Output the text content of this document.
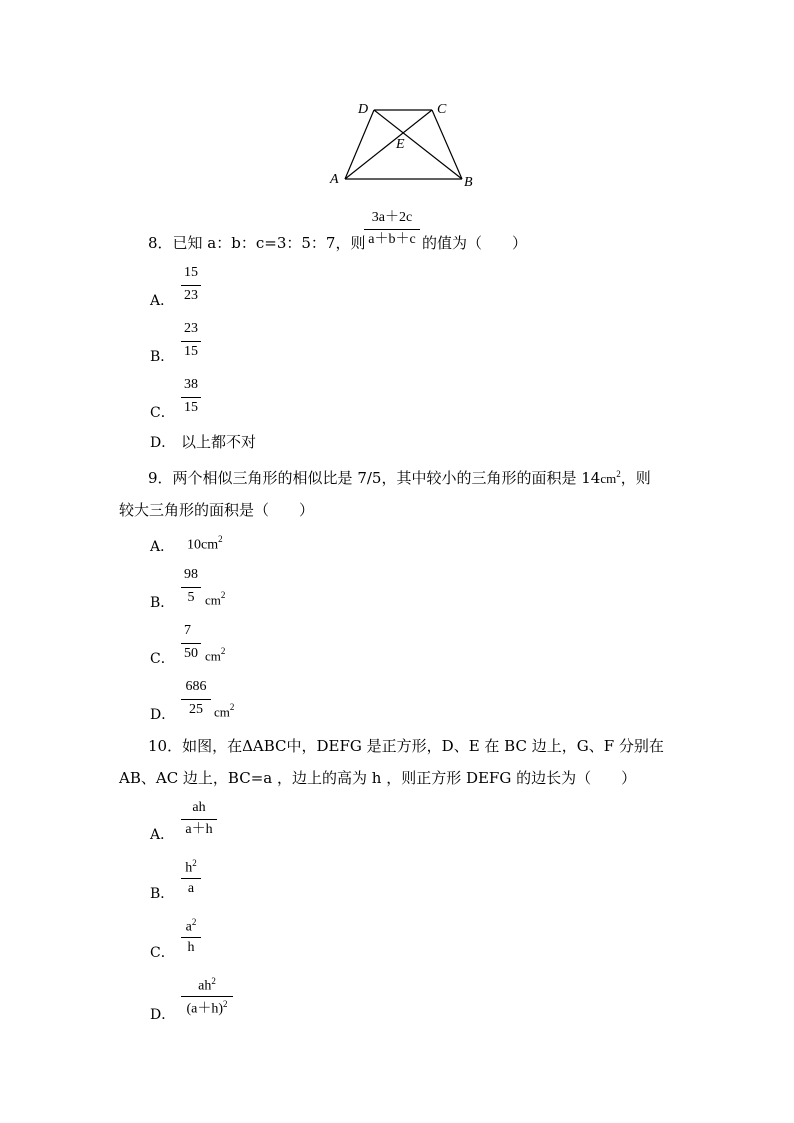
D	C
E
A	B
8．已知 a：b：c=3：5：7，则
3a＋2c
a＋b＋c 的值为（　　）
A．
15
23
B．
23
15
C．
38
15
D． 以上都不对
9．两个相似三角形的相似比是 7/5，其中较小的三角形的面积是 $14cm^2$，则
较大三角形的面积是（　　）
A． $10cm^2$
B．
98
5 $cm^2$
C．
7
50 $cm^2$
D．
686
25 $cm^2$
10．如图，在ΔABC中，DEFG 是正方形，D、E 在 BC 边上，G、F 分别在
AB、AC 边上，BC=a ，边上的高为 h ，则正方形 DEFG 的边长为（　　）
A．
ah
a＋h
B．
$h^2$
a
C．
$a^2$
h
D．
$ah^2$
$(a+h)^2$
